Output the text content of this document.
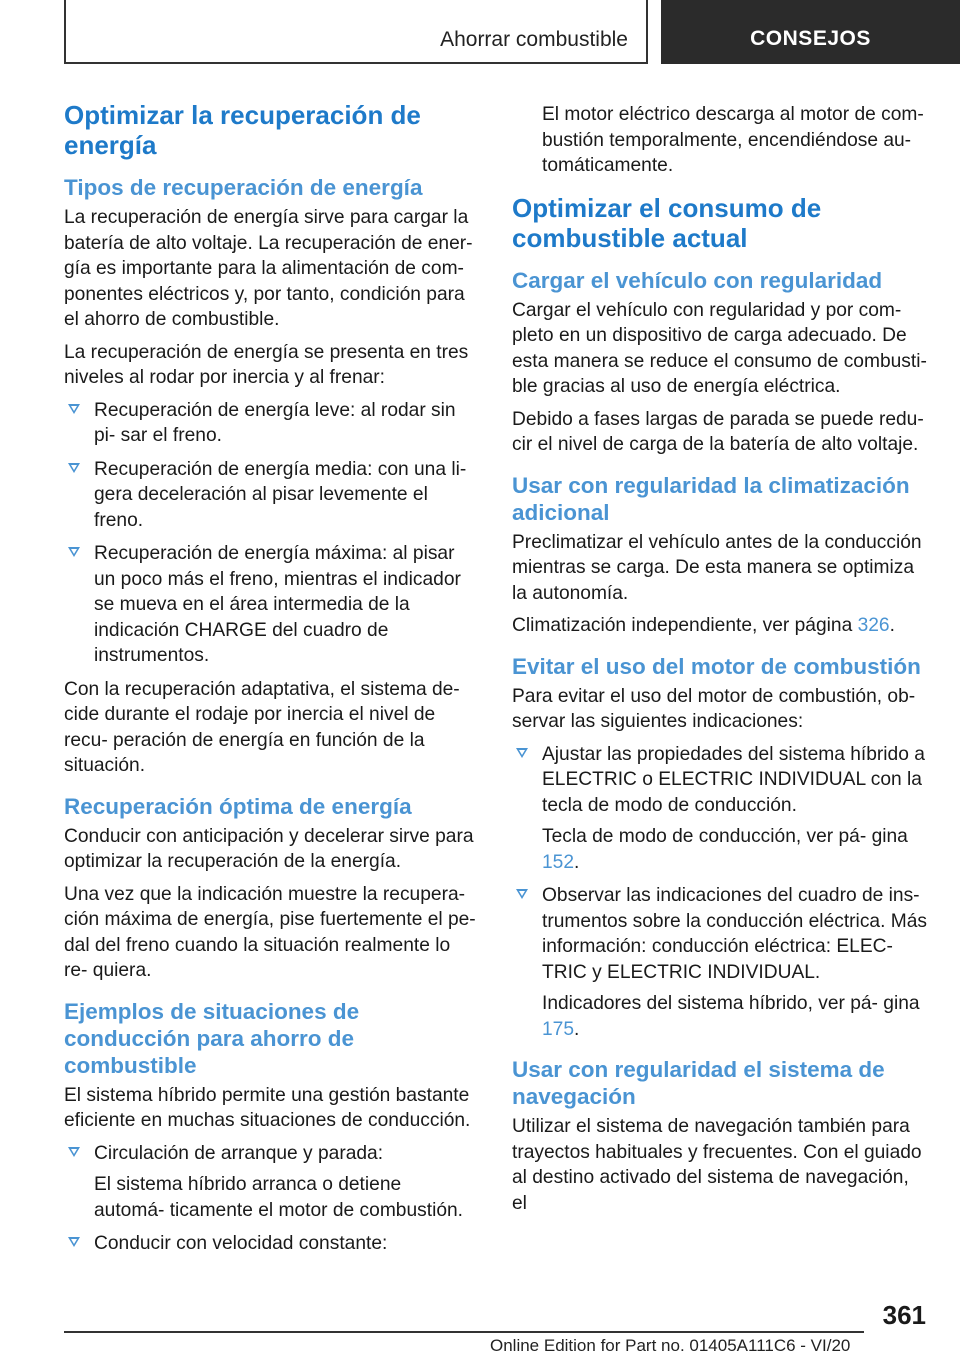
Ahorrar combustible	CONSEJOS
Optimizar la recuperación de energía
Tipos de recuperación de energía

La recuperación de energía sirve para cargar la batería de alto voltaje. La recuperación de ener‐ gía es importante para la alimentación de com‐ ponentes eléctricos y, por tanto, condición para el ahorro de combustible.

La recuperación de energía se presenta en tres niveles al rodar por inercia y al frenar:

Recuperación de energía leve: al rodar sin pi‐ sar el freno.
Recuperación de energía media: con una li‐ gera deceleración al pisar levemente el freno.
Recuperación de energía máxima: al pisar un poco más el freno, mientras el indicador se mueva en el área intermedia de la indicación CHARGE del cuadro de instrumentos.

Con la recuperación adaptativa, el sistema de‐ cide durante el rodaje por inercia el nivel de recu‐ peración de energía en función de la situación.

Recuperación óptima de energía

Conducir con anticipación y decelerar sirve para optimizar la recuperación de la energía.

Una vez que la indicación muestre la recupera‐ ción máxima de energía, pise fuertemente el pe‐ dal del freno cuando la situación realmente lo re‐ quiera.

Ejemplos de situaciones de conducción para ahorro de combustible

El sistema híbrido permite una gestión bastante eficiente en muchas situaciones de conducción.

Circulación de arranque y parada:
El sistema híbrido arranca o detiene automá‐ ticamente el motor de combustión.
Conducir con velocidad constante:

El motor eléctrico descarga al motor de com‐ bustión temporalmente, encendiéndose au‐ tomáticamente.

Optimizar el consumo de combustible actual
Cargar el vehículo con regularidad

Cargar el vehículo con regularidad y por com‐ pleto en un dispositivo de carga adecuado. De esta manera se reduce el consumo de combusti‐ ble gracias al uso de energía eléctrica.

Debido a fases largas de parada se puede redu‐ cir el nivel de carga de la batería de alto voltaje.

Usar con regularidad la climatización adicional

Preclimatizar el vehículo antes de la conducción mientras se carga. De esta manera se optimiza la autonomía.

Climatización independiente, ver página 326.

Evitar el uso del motor de combustión

Para evitar el uso del motor de combustión, ob‐ servar las siguientes indicaciones:

Ajustar las propiedades del sistema híbrido a ELECTRIC o ELECTRIC INDIVIDUAL con la tecla de modo de conducción.
Tecla de modo de conducción, ver pá‐ gina 152.
Observar las indicaciones del cuadro de ins‐ trumentos sobre la conducción eléctrica. Más información: conducción eléctrica: ELEC‐ TRIC y ELECTRIC INDIVIDUAL.
Indicadores del sistema híbrido, ver pá‐ gina 175.
Usar con regularidad el sistema de navegación

Utilizar el sistema de navegación también para trayectos habituales y frecuentes. Con el guiado al destino activado del sistema de navegación, el

361
Online Edition for Part no. 01405A111C6 - VI/20
